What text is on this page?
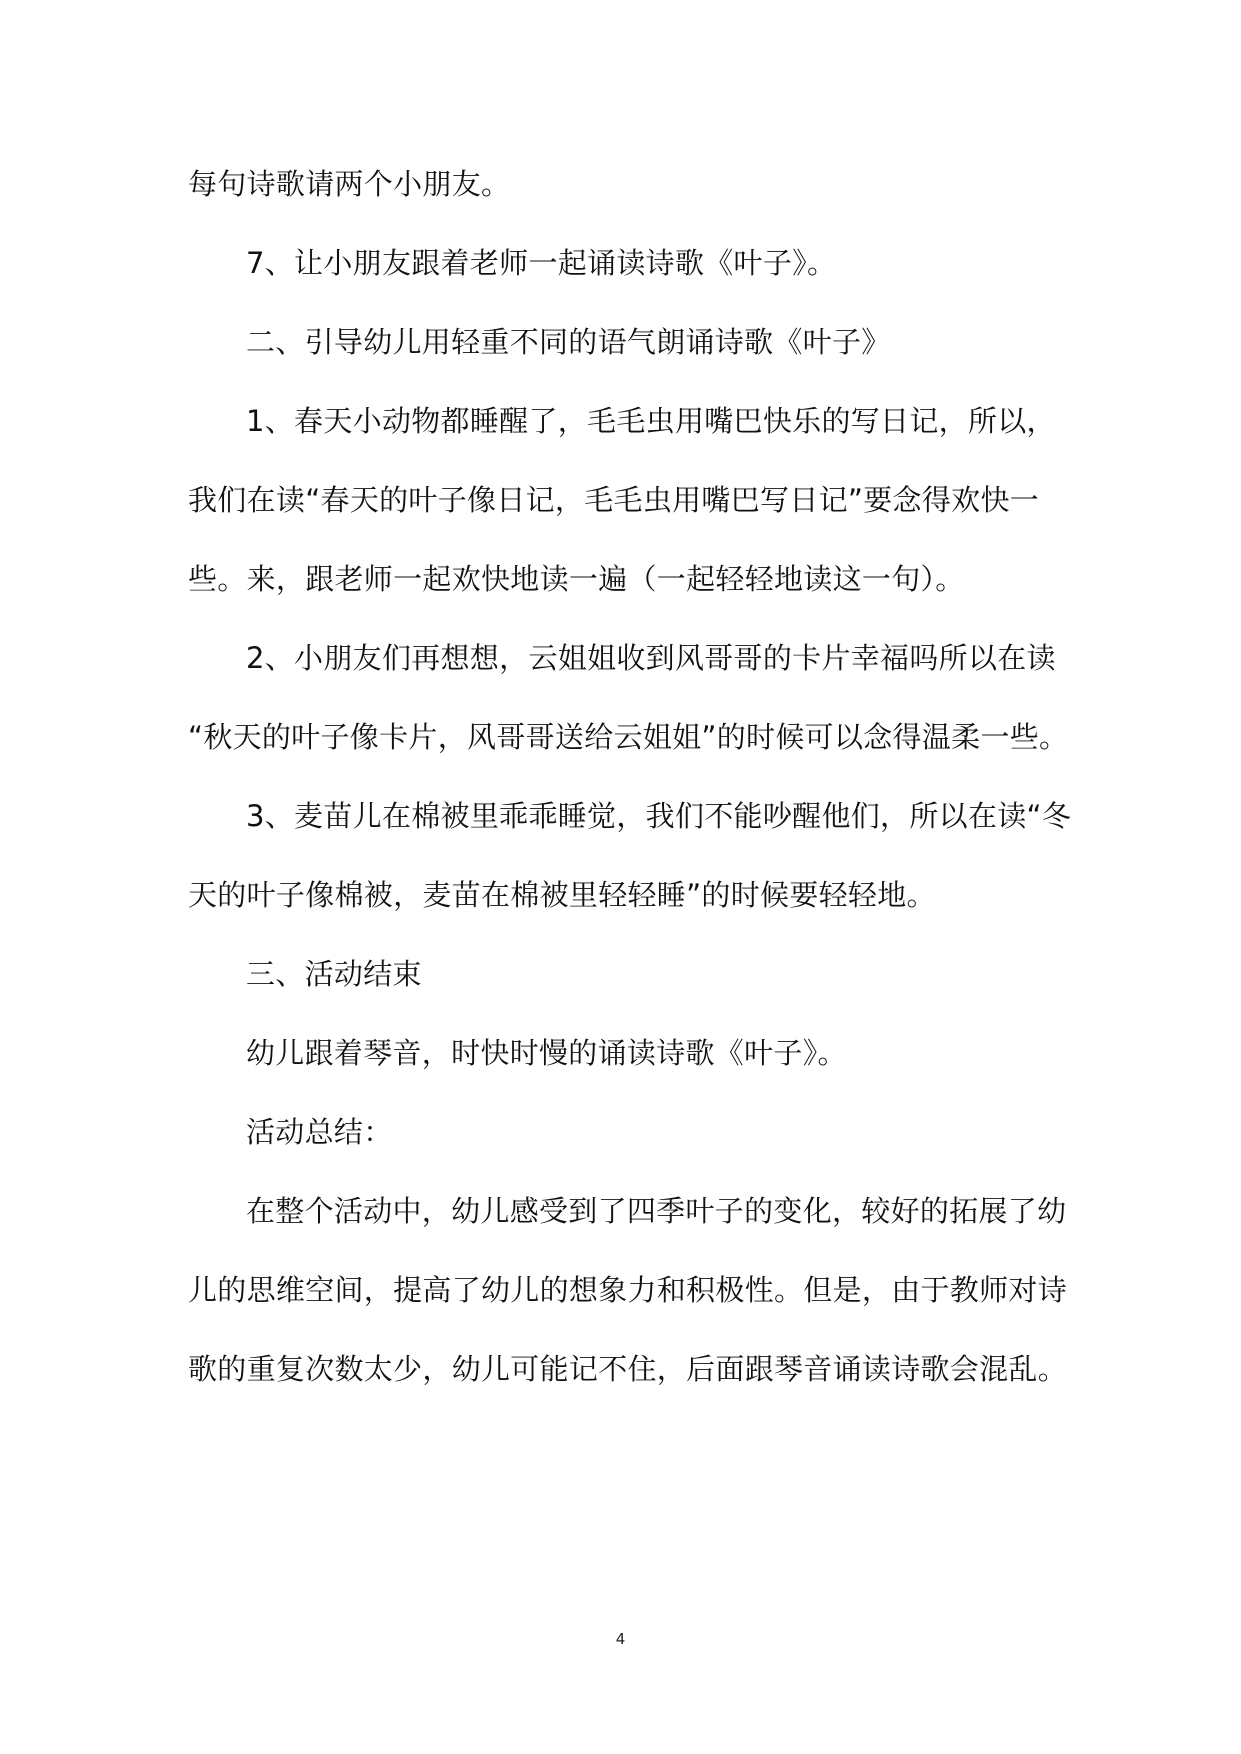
每句诗歌请两个小朋友。
7、让小朋友跟着老师一起诵读诗歌《叶子》。
二、引导幼儿用轻重不同的语气朗诵诗歌《叶子》
1、春天小动物都睡醒了，毛毛虫用嘴巴快乐的写日记，所以，
我们在读“春天的叶子像日记，毛毛虫用嘴巴写日记”要念得欢快一
些。来，跟老师一起欢快地读一遍（一起轻轻地读这一句）。
2、小朋友们再想想，云姐姐收到风哥哥的卡片幸福吗所以在读
“秋天的叶子像卡片，风哥哥送给云姐姐”的时候可以念得温柔一些。
3、麦苗儿在棉被里乖乖睡觉，我们不能吵醒他们，所以在读“冬
天的叶子像棉被，麦苗在棉被里轻轻睡”的时候要轻轻地。
三、活动结束
幼儿跟着琴音，时快时慢的诵读诗歌《叶子》。
活动总结：
在整个活动中，幼儿感受到了四季叶子的变化，较好的拓展了幼
儿的思维空间，提高了幼儿的想象力和积极性。但是，由于教师对诗
歌的重复次数太少，幼儿可能记不住，后面跟琴音诵读诗歌会混乱。
4
